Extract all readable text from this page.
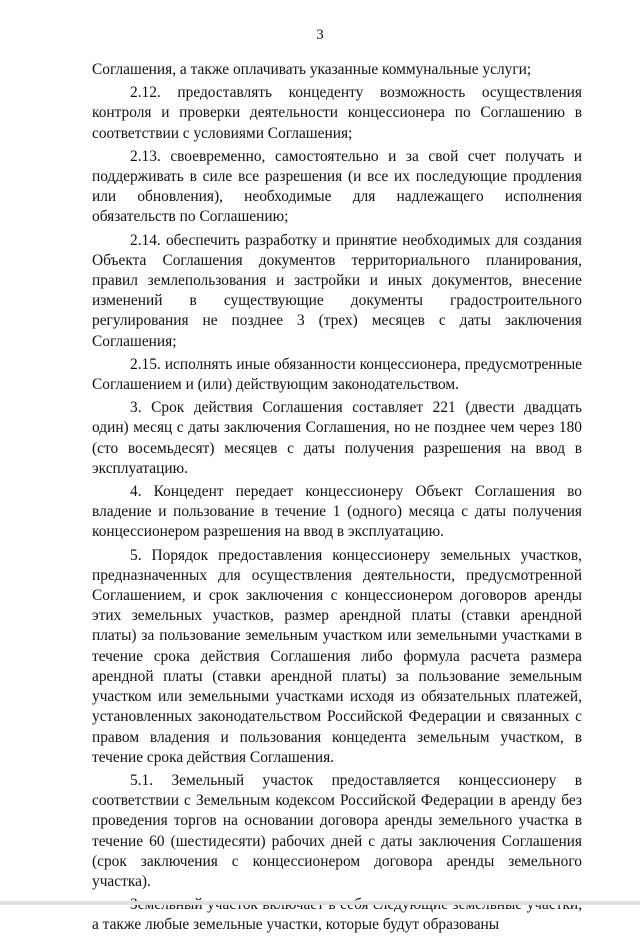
3

Соглашения, а также оплачивать указанные коммунальные услуги;

2.12. предоставлять концеденту возможность осуществления контроля и проверки деятельности концессионера по Соглашению в соответствии с условиями Соглашения;

2.13. своевременно, самостоятельно и за свой счет получать и поддерживать в силе все разрешения (и все их последующие продления или обновления), необходимые для надлежащего исполнения обязательств по Соглашению;

2.14. обеспечить разработку и принятие необходимых для создания Объекта Соглашения документов территориального планирования, правил землепользования и застройки и иных документов, внесение изменений в существующие документы градостроительного регулирования не позднее 3 (трех) месяцев с даты заключения Соглашения;

2.15. исполнять иные обязанности концессионера, предусмотренные Соглашением и (или) действующим законодательством.

3. Срок действия Соглашения составляет 221 (двести двадцать один) месяц с даты заключения Соглашения, но не позднее чем через 180 (сто восемьдесят) месяцев с даты получения разрешения на ввод в эксплуатацию.

4. Концедент передает концессионеру Объект Соглашения во владение и пользование в течение 1 (одного) месяца с даты получения концессионером разрешения на ввод в эксплуатацию.

5. Порядок предоставления концессионеру земельных участков, предназначенных для осуществления деятельности, предусмотренной Соглашением, и срок заключения с концессионером договоров аренды этих земельных участков, размер арендной платы (ставки арендной платы) за пользование земельным участком или земельными участками в течение срока действия Соглашения либо формула расчета размера арендной платы (ставки арендной платы) за пользование земельным участком или земельными участками исходя из обязательных платежей, установленных законодательством Российской Федерации и связанных с правом владения и пользования концедента земельным участком, в течение срока действия Соглашения.

5.1. Земельный участок предоставляется концессионеру в соответствии с Земельным кодексом Российской Федерации в аренду без проведения торгов на основании договора аренды земельного участка в течение 60 (шестидесяти) рабочих дней с даты заключения Соглашения (срок заключения с концессионером договора аренды земельного участка).

а также любые земельные участки, которые будут образованы
